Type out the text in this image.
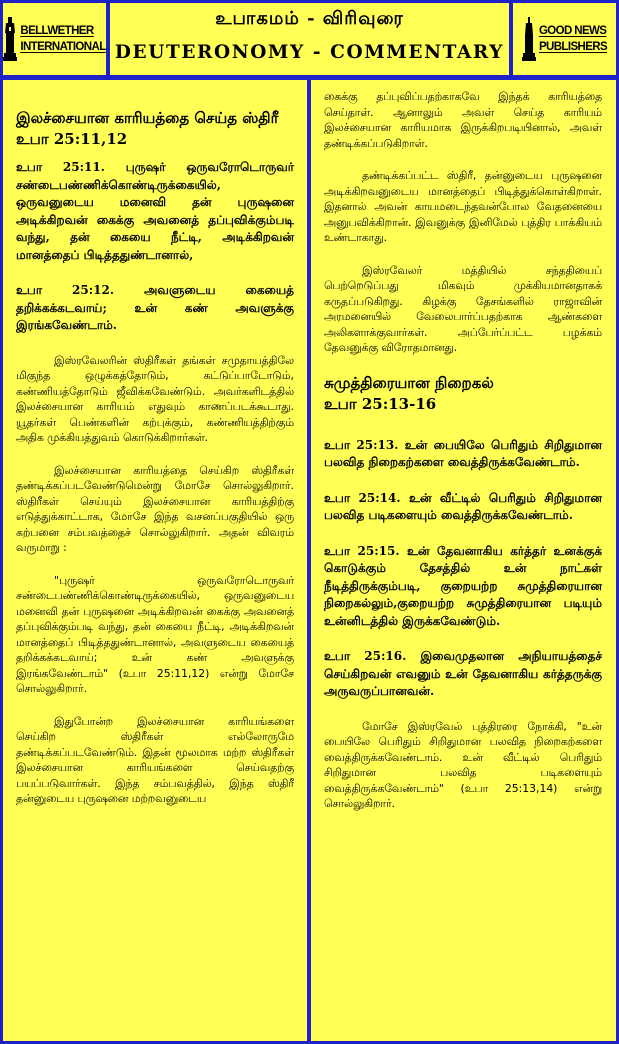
BELLWETHER
INTERNATIONAL
உபாகமம் - விரிவுரை
DEUTERONOMY - COMMENTARY
GOOD NEWS
PUBLISHERS
இலச்சையான காரியத்தை செய்த ஸ்திரீ
உபா 25:11,12

உபா 25:11. புருஷர் ஒருவரோடொருவர் சண்டைபண்ணிக்கொண்டிருக்கையில், ஒருவனுடைய மனைவி தன் புருஷனை அடிக்கிறவன் கைக்கு அவனைத் தப்புவிக்கும்படி வந்து, தன் கையை நீட்டி, அடிக்கிறவன் மானத்தைப் பிடித்ததுண்டானால்,

உபா 25:12. அவளுடைய கையைத் தறிக்கக்கடவாய்; உன் கண் அவளுக்கு இரங்கவேண்டாம்.

இஸ்ரவேலரின் ஸ்திரீகள் தங்கள் சமுதாயத்திலே மிகுந்த ஒழுக்கத்தோடும், கட்டுப்பாடோடும், கண்ணியத்தோடும் ஜீவிக்கவேண்டும். அவர்களிடத்தில் இலச்சையான காரியம் எதுவும் காணப்படக்கூடாது. யூதர்கள் பெண்களின் கற்புக்கும், கண்ணியத்திற்கும் அதிக முக்கியத்துவம் கொடுக்கிறார்கள்.

இலச்சையான காரியத்தை செய்கிற ஸ்திரீகள் தண்டிக்கப்படவேண்டுமென்று மோசே சொல்லுகிறார். ஸ்திரீகள் செய்யும் இலச்சையான காரியத்திற்கு எடுத்துக்காட்டாக, மோசே இந்த வசனப்பகுதியில் ஒரு கற்பனை சம்பவத்தைச் சொல்லுகிறார். அதன் விவரம் வருமாறு :

"புருஷர் ஒருவரோடொருவர் சண்டைபண்ணிக்கொண்டிருக்கையில், ஒருவனுடைய மனைவி தன் புருஷனை அடிக்கிறவன் கைக்கு அவனைத் தப்புவிக்கும்படி வந்து, தன் கையை நீட்டி, அடிக்கிறவன் மானத்தைப் பிடித்ததுண்டானால், அவளுடைய கையைத் தறிக்கக்கடவாய்; உன் கண் அவளுக்கு இரங்கவேண்டாம்" (உபா 25:11,12) என்று மோசே சொல்லுகிறார்.

இதுபோன்ற இலச்சையான காரியங்களை செய்கிற ஸ்திரீகள் எல்லோருமே தண்டிக்கப்படவேண்டும். இதன் மூலமாக மற்ற ஸ்திரீகள் இலச்சையான காரியங்களை செய்வதற்கு பயப்படுவார்கள். இந்த சம்பவத்தில், இந்த ஸ்திரீ தன்னுடைய புருஷனை மற்றவனுடைய

கைக்கு தப்புவிப்பதற்காகவே இந்தக் காரியத்தை செய்தாள். ஆனாலும் அவள் செய்த காரியம் இலச்சையான காரியமாக இருக்கிறபடியினால், அவள் தண்டிக்கப்படுகிறாள்.

தண்டிக்கப்பட்ட ஸ்திரீ, தன்னுடைய புருஷனை அடிக்கிறவனுடைய மானத்தைப் பிடித்துக்கொள்கிறாள். இதனால் அவன் காயமடைந்தவன்போல வேதனையை அனுபவிக்கிறான். இவனுக்கு இனிமேல் புத்திர பாக்கியம் உண்டாகாது.

இஸ்ரவேலர் மத்தியில் சந்ததியைப் பெற்றெடுப்பது மிகவும் முக்கியமானதாகக் கருதப்படுகிறது. கிழக்கு தேசங்களில் ராஜாவின் அரமனையில் வேலைபார்ப்பதற்காக ஆண்களை அலிகளாக்குவார்கள். அப்பேர்ப்பட்ட பழக்கம் தேவனுக்கு விரோதமானது.

சுமுத்திரையான நிறைகல்
உபா 25:13-16

உபா 25:13. உன் பையிலே பெரிதும் சிறிதுமான பலவித நிறைகற்களை வைத்திருக்கவேண்டாம்.

உபா 25:14. உன் வீட்டில் பெரிதும் சிறிதுமான பலவித படிகளையும் வைத்திருக்கவேண்டாம்.

உபா 25:15. உன் தேவனாகிய கர்த்தர் உனக்குக் கொடுக்கும் தேசத்தில் உன் நாட்கள் நீடித்திருக்கும்படி, குறையற்ற சுமுத்திரையான நிறைகல்லும்,குறையற்ற சுமுத்திரையான படியும் உன்னிடத்தில் இருக்கவேண்டும்.

உபா 25:16. இவைமுதலான அநியாயத்தைச் செய்கிறவன் எவனும் உன் தேவனாகிய கர்த்தருக்கு அருவருப்பானவன்.

மோசே இஸ்ரவேல் புத்திரரை நோக்கி, "உன் பையிலே பெரிதும் சிறிதுமான பலவித நிறைகற்களை வைத்திருக்கவேண்டாம். உன் வீட்டில் பெரிதும் சிறிதுமான பலவித படிகளையும் வைத்திருக்கவேண்டாம்" (உபா 25:13,14) என்று சொல்லுகிறார்.
